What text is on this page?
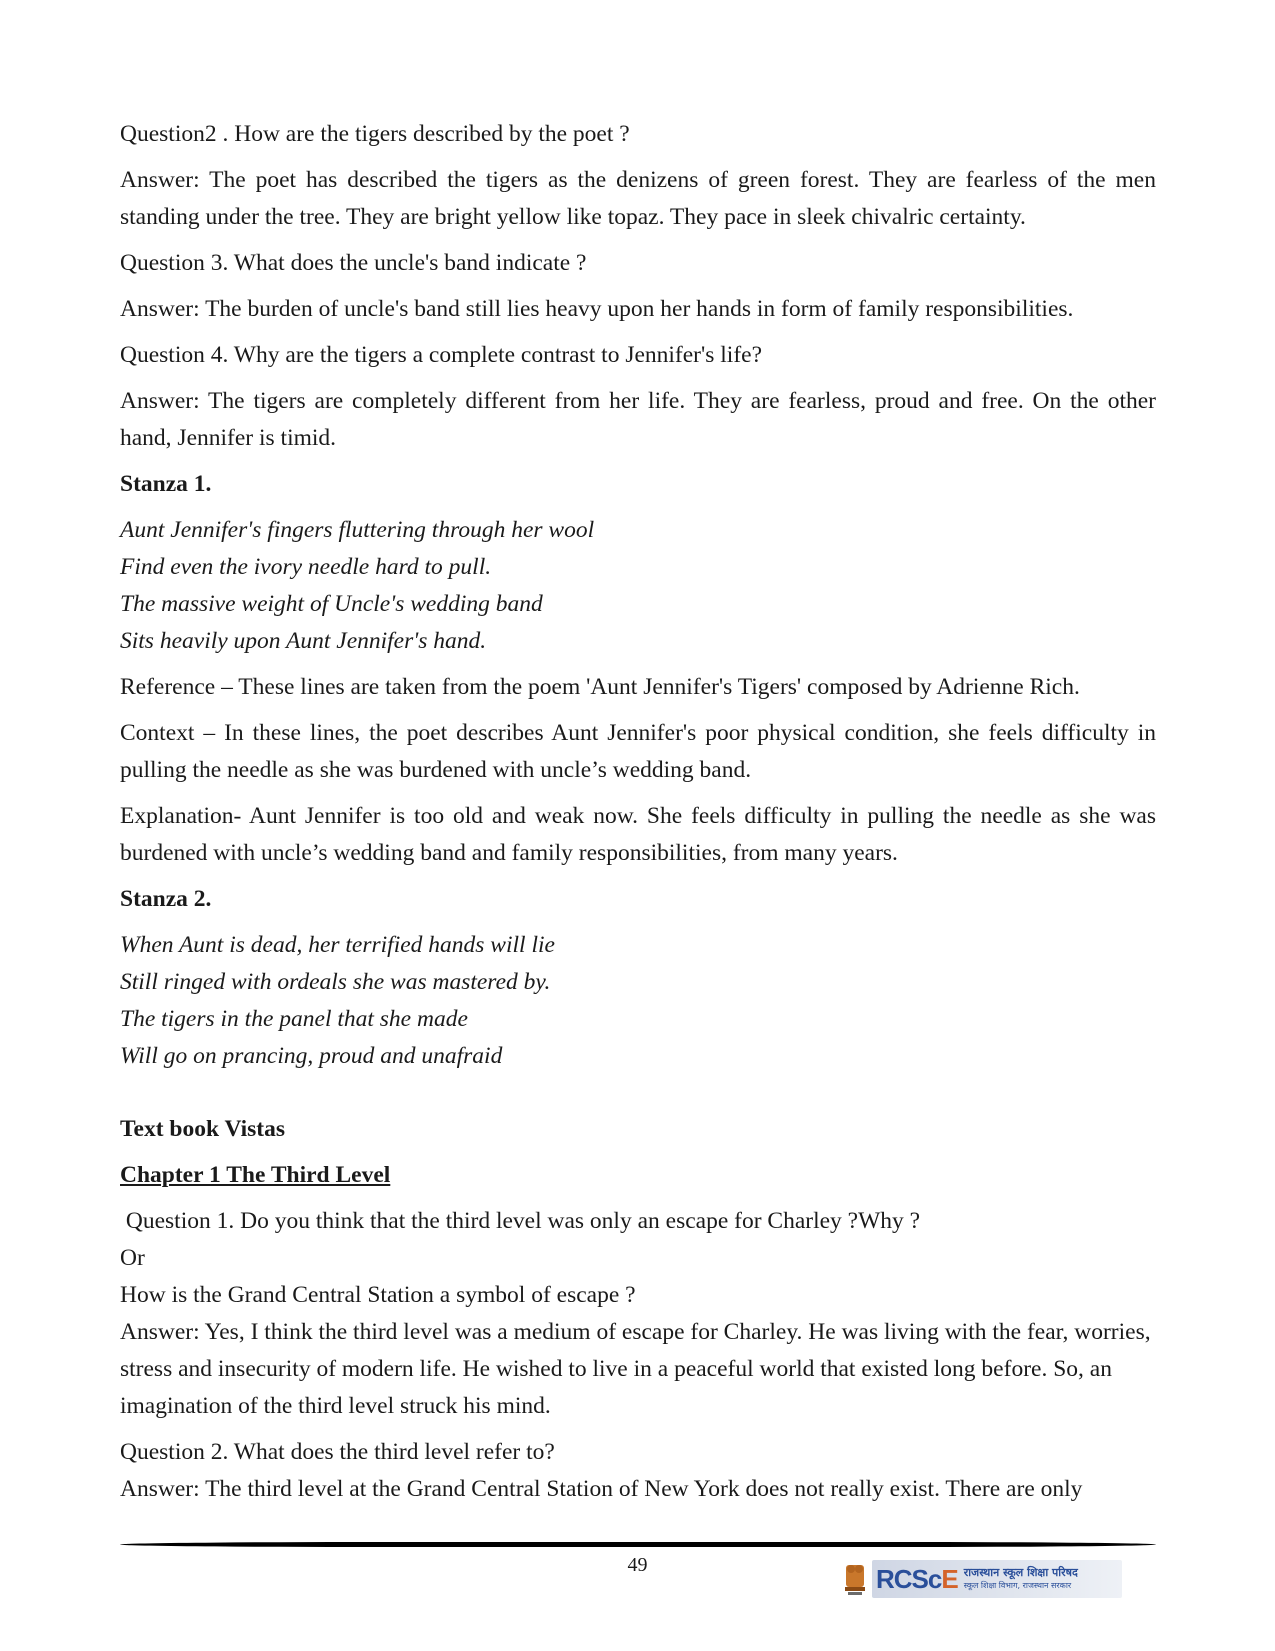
Question2 . How are the tigers described by the poet ?

Answer: The poet has described the tigers as the denizens of green forest. They are fearless of the men standing under the tree. They are bright yellow like topaz. They pace in sleek chivalric certainty.

Question 3. What does the uncle's band indicate ?

Answer: The burden of uncle's band still lies heavy upon her hands in form of family responsibilities.

Question 4. Why are the tigers a complete contrast to Jennifer's life?

Answer: The tigers are completely different from her life. They are fearless, proud and free. On the other hand, Jennifer is timid.

Stanza 1.
Aunt Jennifer's fingers fluttering through her wool
Find even the ivory needle hard to pull.
The massive weight of Uncle's wedding band
Sits heavily upon Aunt Jennifer's hand.

Reference – These lines are taken from the poem 'Aunt Jennifer's Tigers' composed by Adrienne Rich.

Context – In these lines, the poet describes Aunt Jennifer's poor physical condition, she feels difficulty in pulling the needle as she was burdened with uncle’s wedding band.

Explanation- Aunt Jennifer is too old and weak now. She feels difficulty in pulling the needle as she was burdened with uncle’s wedding band and family responsibilities, from many years.

Stanza 2.
When Aunt is dead, her terrified hands will lie
Still ringed with ordeals she was mastered by.
The tigers in the panel that she made
Will go on prancing, proud and unafraid
Text book Vistas
Chapter 1 The Third Level
Question 1. Do you think that the third level was only an escape for Charley ?Why ?
Or
How is the Grand Central Station a symbol of escape ?
Answer: Yes, I think the third level was a medium of escape for Charley. He was living with the fear, worries, stress and insecurity of modern life. He wished to live in a peaceful world that existed long before. So, an imagination of the third level struck his mind.
Question 2. What does the third level refer to?
Answer: The third level at the Grand Central Station of New York does not really exist. There are only
49	RCScE राजस्थान स्कूल शिक्षा परिषद
स्कूल शिक्षा विभाग, राजस्थान सरकार
